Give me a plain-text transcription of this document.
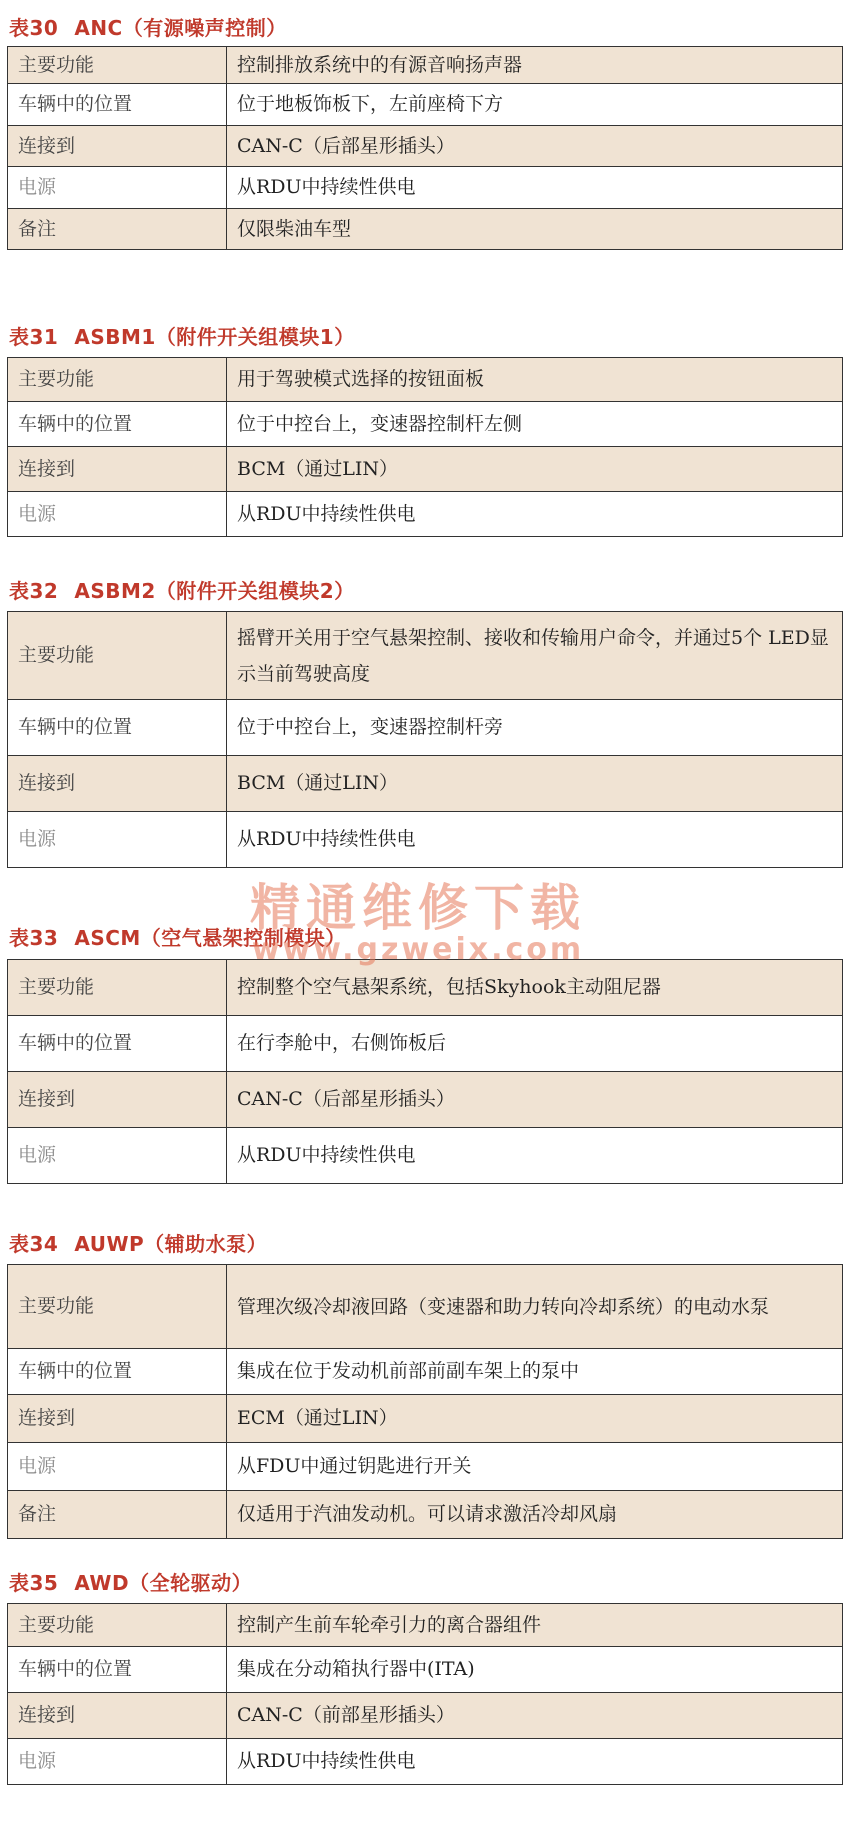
表30 ANC（有源噪声控制）
主要功能	控制排放系统中的有源音响扬声器
车辆中的位置	位于地板饰板下，左前座椅下方
连接到	CAN-C（后部星形插头）
电源	从RDU中持续性供电
备注	仅限柴油车型
表31 ASBM1（附件开关组模块1）
主要功能	用于驾驶模式选择的按钮面板
车辆中的位置	位于中控台上，变速器控制杆左侧
连接到	BCM（通过LIN）
电源	从RDU中持续性供电
表32 ASBM2（附件开关组模块2）
主要功能	摇臂开关用于空气悬架控制、接收和传输用户命令，并通过5个 LED显示当前驾驶高度
车辆中的位置	位于中控台上，变速器控制杆旁
连接到	BCM（通过LIN）
电源	从RDU中持续性供电
表33 ASCM（空气悬架控制模块）
主要功能	控制整个空气悬架系统，包括Skyhook主动阻尼器
车辆中的位置	在行李舱中，右侧饰板后
连接到	CAN-C（后部星形插头）
电源	从RDU中持续性供电
表34 AUWP（辅助水泵）
主要功能	管理次级冷却液回路（变速器和助力转向冷却系统）的电动水泵
车辆中的位置	集成在位于发动机前部前副车架上的泵中
连接到	ECM（通过LIN）
电源	从FDU中通过钥匙进行开关
备注	仅适用于汽油发动机。可以请求激活冷却风扇
表35 AWD（全轮驱动）
主要功能	控制产生前车轮牵引力的离合器组件
车辆中的位置	集成在分动箱执行器中(ITA)
连接到	CAN-C（前部星形插头）
电源	从RDU中持续性供电
精通维修下载
www.gzweix.com
